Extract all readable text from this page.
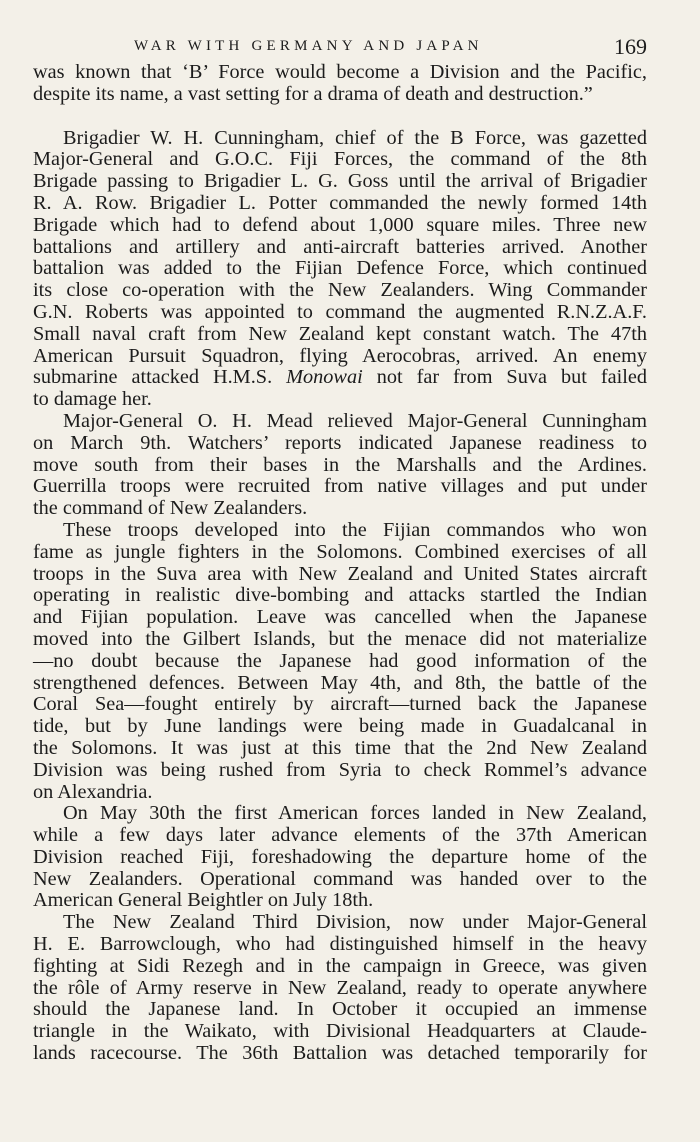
WAR WITH GERMANY AND JAPAN	169
was known that ‘B’ Force would become a Division and the Pacific,
despite its name, a vast setting for a drama of death and destruction.”
Brigadier W. H. Cunningham, chief of the B Force, was gazetted
Major-General and G.O.C. Fiji Forces, the command of the 8th
Brigade passing to Brigadier L. G. Goss until the arrival of Brigadier
R. A. Row. Brigadier L. Potter commanded the newly formed 14th
Brigade which had to defend about 1,000 square miles. Three new
battalions and artillery and anti-aircraft batteries arrived. Another
battalion was added to the Fijian Defence Force, which continued
its close co-operation with the New Zealanders. Wing Commander
G.N. Roberts was appointed to command the augmented R.N.Z.A.F.
Small naval craft from New Zealand kept constant watch. The 47th
American Pursuit Squadron, flying Aerocobras, arrived. An enemy
submarine attacked H.M.S. Monowai not far from Suva but failed
to damage her.
Major-General O. H. Mead relieved Major-General Cunningham
on March 9th. Watchers’ reports indicated Japanese readiness to
move south from their bases in the Marshalls and the Ardines.
Guerrilla troops were recruited from native villages and put under
the command of New Zealanders.
These troops developed into the Fijian commandos who won
fame as jungle fighters in the Solomons. Combined exercises of all
troops in the Suva area with New Zealand and United States aircraft
operating in realistic dive-bombing and attacks startled the Indian
and Fijian population. Leave was cancelled when the Japanese
moved into the Gilbert Islands, but the menace did not materialize
—no doubt because the Japanese had good information of the
strengthened defences. Between May 4th, and 8th, the battle of the
Coral Sea—fought entirely by aircraft—turned back the Japanese
tide, but by June landings were being made in Guadalcanal in
the Solomons. It was just at this time that the 2nd New Zealand
Division was being rushed from Syria to check Rommel’s advance
on Alexandria.
On May 30th the first American forces landed in New Zealand,
while a few days later advance elements of the 37th American
Division reached Fiji, foreshadowing the departure home of the
New Zealanders. Operational command was handed over to the
American General Beightler on July 18th.
The New Zealand Third Division, now under Major-General
H. E. Barrowclough, who had distinguished himself in the heavy
fighting at Sidi Rezegh and in the campaign in Greece, was given
the rôle of Army reserve in New Zealand, ready to operate anywhere
should the Japanese land. In October it occupied an immense
triangle in the Waikato, with Divisional Headquarters at Claude-
lands racecourse. The 36th Battalion was detached temporarily for
